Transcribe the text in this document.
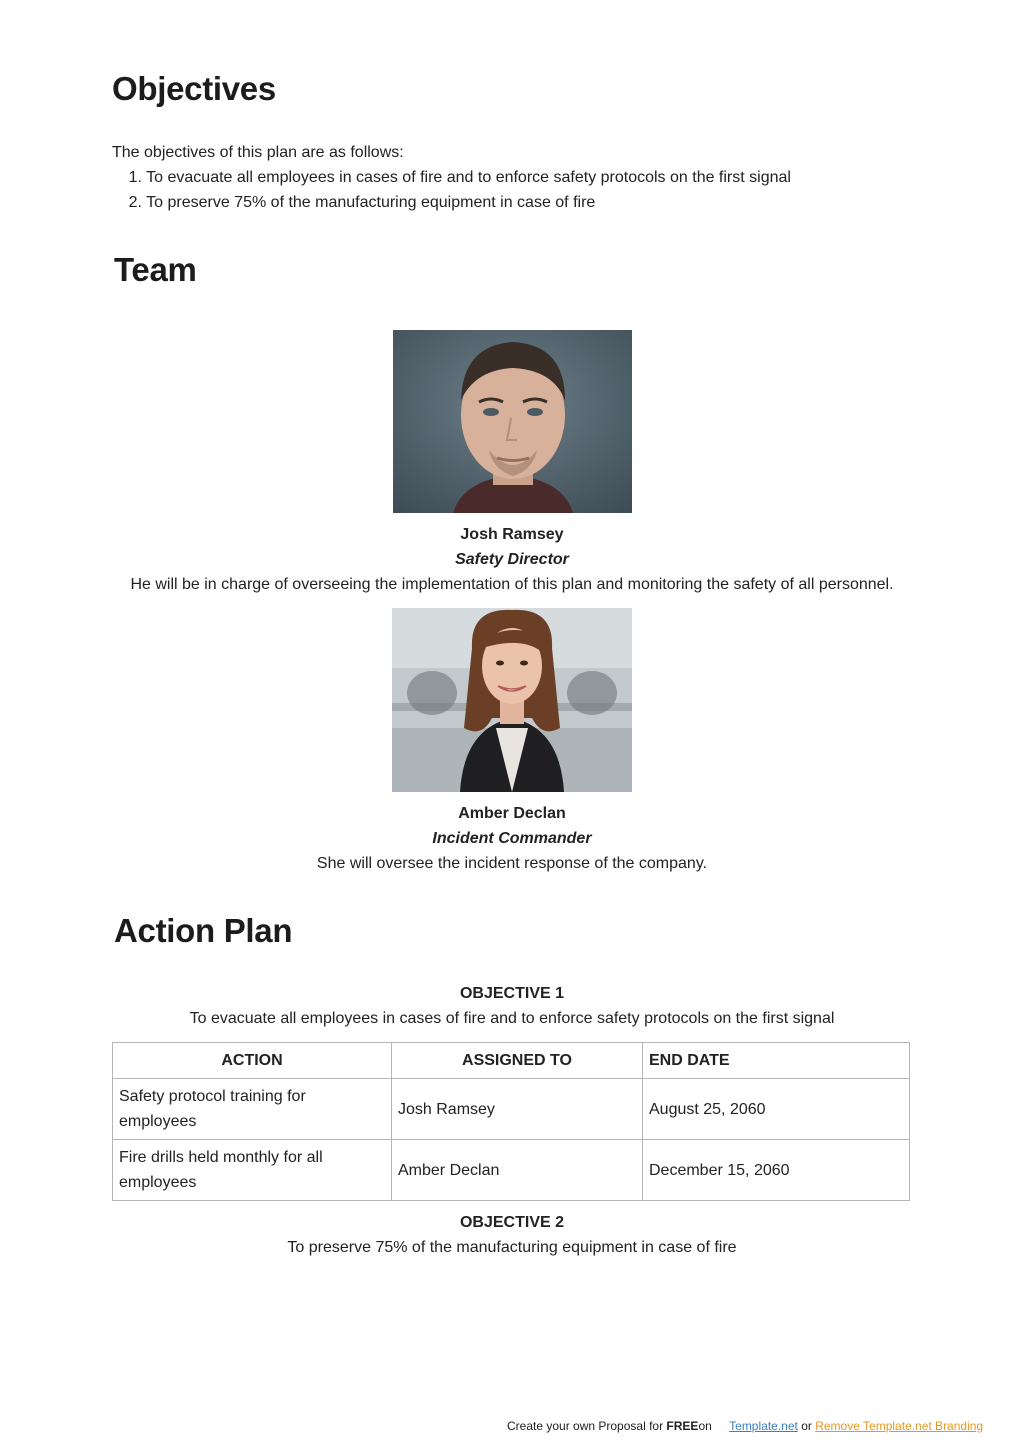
Objectives
The objectives of this plan are as follows:
1. To evacuate all employees in cases of fire and to enforce safety protocols on the first signal
2. To preserve 75% of the manufacturing equipment in case of fire
Team
Josh Ramsey
Safety Director
He will be in charge of overseeing the implementation of this plan and monitoring the safety of all personnel.
Amber Declan
Incident Commander
She will oversee the incident response of the company.
Action Plan
OBJECTIVE 1
To evacuate all employees in cases of fire and to enforce safety protocols on the first signal
ACTION	ASSIGNED TO	END DATE
Safety protocol training for employees	Josh Ramsey	August 25, 2060
Fire drills held monthly for all employees	Amber Declan	December 15, 2060
OBJECTIVE 2
To preserve 75% of the manufacturing equipment in case of fire
Create your own Proposal for FREEon Template.net or Remove Template.net Branding
